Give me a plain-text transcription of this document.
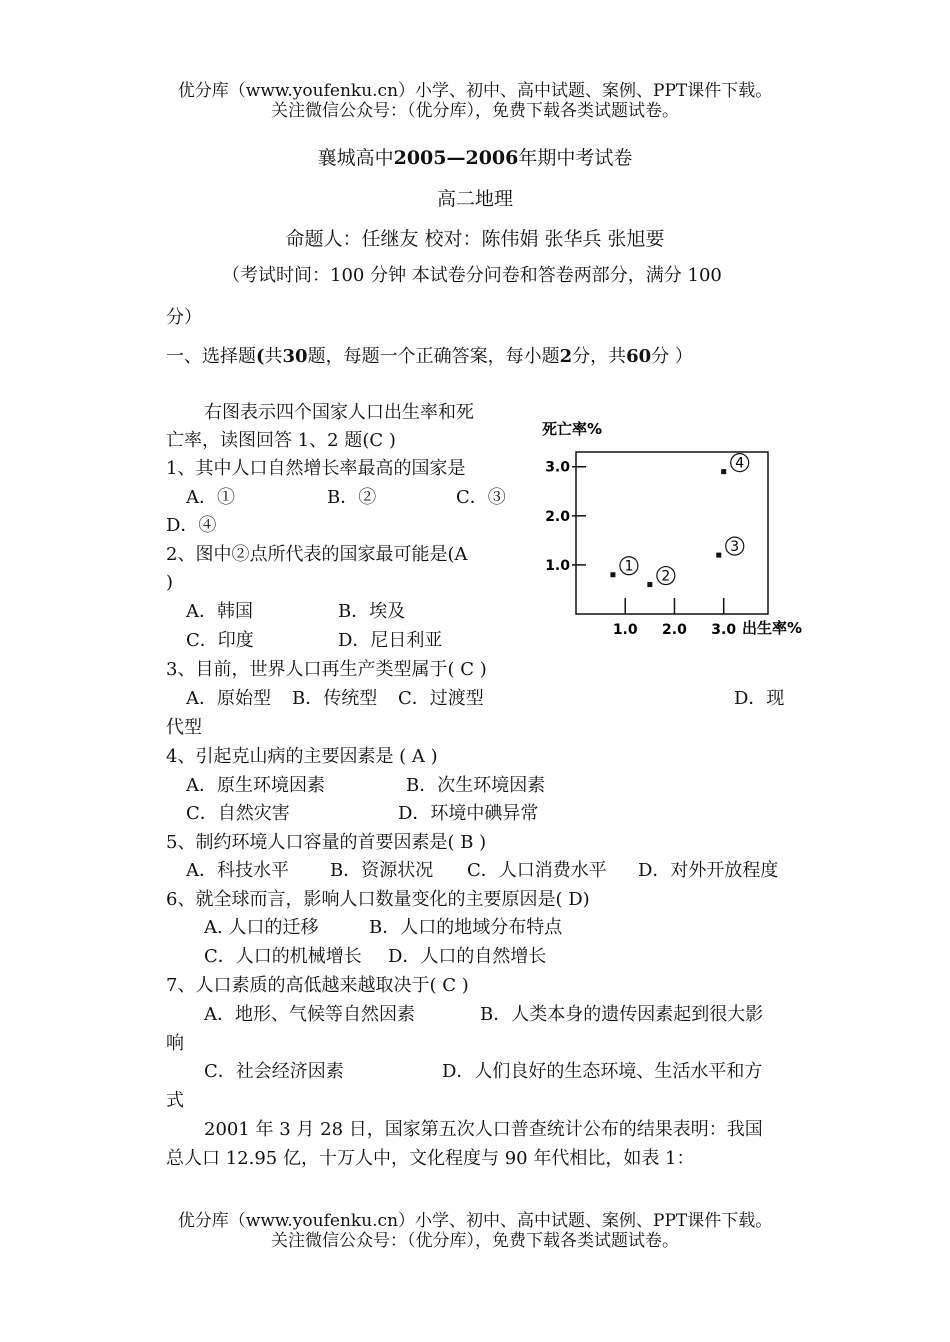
优分库（www.youfenku.cn）小学、初中、高中试题、案例、PPT课件下载。
关注微信公众号：（优分库），免费下载各类试题试卷。
襄城高中2005—2006年期中考试卷
高二地理
命题人：任继友 校对：陈伟娟 张华兵 张旭要
（考试时间：100 分钟 本试卷分问卷和答卷两部分，满分 100
分）
一、选择题(共30题，每题一个正确答案，每小题2分，共60分 ）
右图表示四个国家人口出生率和死
亡率，读图回答 1、2 题(C )
1、其中人口自然增长率最高的国家是
A．①	B．②	C．③
D．④
2、图中②点所代表的国家最可能是(A
)
A．韩国	B．埃及
C．印度	D．尼日利亚
死亡率%
出生率%
1.0
2.0
3.0
1.0 2.0 3.0
1
2
3
4
3、目前，世界人口再生产类型属于( C )
A．原始型 B．传统型 C．过渡型	D．现
代型
4、引起克山病的主要因素是 ( A )
A．原生环境因素	B．次生环境因素
C．自然灾害	D．环境中碘异常
5、制约环境人口容量的首要因素是( B )
A．科技水平 B．资源状况 C．人口消费水平 D．对外开放程度
6、就全球而言，影响人口数量变化的主要原因是( D)
A. 人口的迁移	B．人口的地域分布特点
C．人口的机械增长 D．人口的自然增长
7、人口素质的高低越来越取决于( C )
A．地形、气候等自然因素	B．人类本身的遗传因素起到很大影
响
C．社会经济因素	D．人们良好的生态环境、生活水平和方
式
2001 年 3 月 28 日，国家第五次人口普查统计公布的结果表明：我国
总人口 12.95 亿，十万人中，文化程度与 90 年代相比，如表 1：
优分库（www.youfenku.cn）小学、初中、高中试题、案例、PPT课件下载。
关注微信公众号：（优分库），免费下载各类试题试卷。
